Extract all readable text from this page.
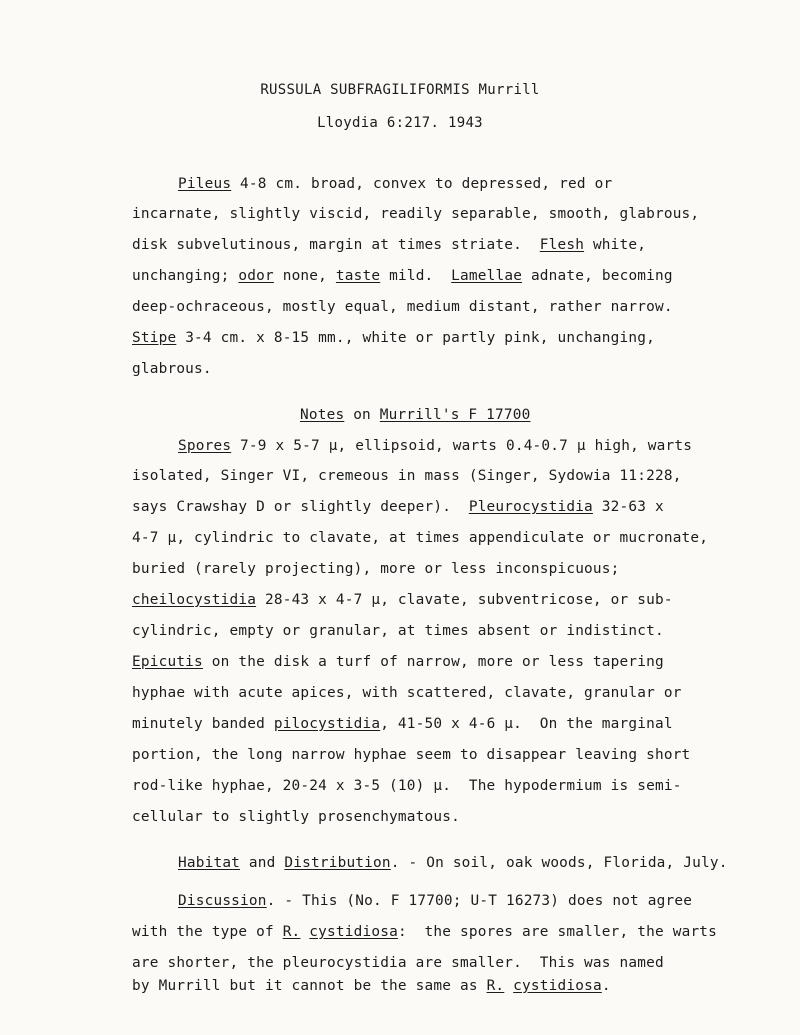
RUSSULA SUBFRAGILIFORMIS Murrill
Lloydia 6:217. 1943
Pileus 4-8 cm. broad, convex to depressed, red or
incarnate, slightly viscid, readily separable, smooth, glabrous,
disk subvelutinous, margin at times striate.  Flesh white,
unchanging; odor none, taste mild.  Lamellae adnate, becoming
deep-ochraceous, mostly equal, medium distant, rather narrow.
Stipe 3-4 cm. x 8-15 mm., white or partly pink, unchanging,
glabrous.
Notes on Murrill's F 17700
Spores 7-9 x 5-7 µ, ellipsoid, warts 0.4-0.7 µ high, warts
isolated, Singer VI, cremeous in mass (Singer, Sydowia 11:228,
says Crawshay D or slightly deeper).  Pleurocystidia 32-63 x
4-7 µ, cylindric to clavate, at times appendiculate or mucronate,
buried (rarely projecting), more or less inconspicuous;
cheilocystidia 28-43 x 4-7 µ, clavate, subventricose, or sub-
cylindric, empty or granular, at times absent or indistinct.
Epicutis on the disk a turf of narrow, more or less tapering
hyphae with acute apices, with scattered, clavate, granular or
minutely banded pilocystidia, 41-50 x 4-6 µ.  On the marginal
portion, the long narrow hyphae seem to disappear leaving short
rod-like hyphae, 20-24 x 3-5 (10) µ.  The hypodermium is semi-
cellular to slightly prosenchymatous.
Habitat and Distribution. - On soil, oak woods, Florida, July.
Discussion. - This (No. F 17700; U-T 16273) does not agree
with the type of R. cystidiosa:  the spores are smaller, the warts
are shorter, the pleurocystidia are smaller.  This was named
by Murrill but it cannot be the same as R. cystidiosa.
